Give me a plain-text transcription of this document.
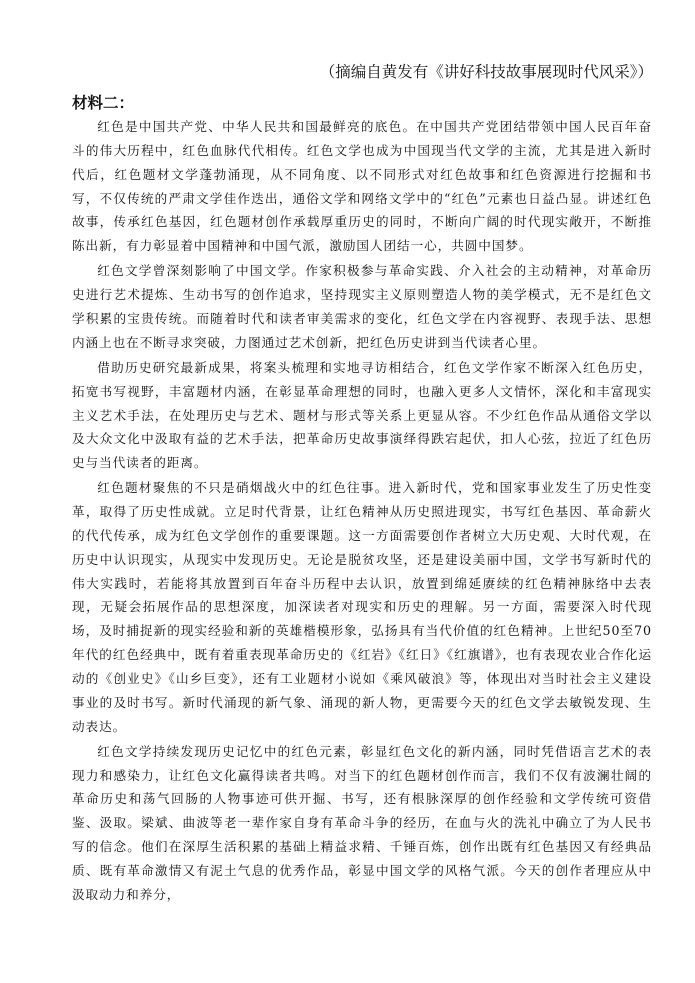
（摘编自黄发有《讲好科技故事展现时代风采》）
材料二：

红色是中国共产党、中华人民共和国最鲜亮的底色。在中国共产党团结带领中国人民百年奋斗的伟大历程中，红色血脉代代相传。红色文学也成为中国现当代文学的主流，尤其是进入新时代后，红色题材文学蓬勃涌现，从不同角度、以不同形式对红色故事和红色资源进行挖掘和书写，不仅传统的严肃文学佳作迭出，通俗文学和网络文学中的“红色”元素也日益凸显。讲述红色故事，传承红色基因，红色题材创作承载厚重历史的同时，不断向广阔的时代现实敞开，不断推陈出新，有力彰显着中国精神和中国气派，激励国人团结一心，共圆中国梦。

红色文学曾深刻影响了中国文学。作家积极参与革命实践、介入社会的主动精神，对革命历史进行艺术提炼、生动书写的创作追求，坚持现实主义原则塑造人物的美学模式，无不是红色文学积累的宝贵传统。而随着时代和读者审美需求的变化，红色文学在内容视野、表现手法、思想内涵上也在不断寻求突破，力图通过艺术创新，把红色历史讲到当代读者心里。

借助历史研究最新成果，将案头梳理和实地寻访相结合，红色文学作家不断深入红色历史，拓宽书写视野，丰富题材内涵，在彰显革命理想的同时，也融入更多人文情怀，深化和丰富现实主义艺术手法，在处理历史与艺术、题材与形式等关系上更显从容。不少红色作品从通俗文学以及大众文化中汲取有益的艺术手法，把革命历史故事演绎得跌宕起伏，扣人心弦，拉近了红色历史与当代读者的距离。

红色题材聚焦的不只是硝烟战火中的红色往事。进入新时代，党和国家事业发生了历史性变革，取得了历史性成就。立足时代背景，让红色精神从历史照进现实，书写红色基因、革命薪火的代代传承，成为红色文学创作的重要课题。这一方面需要创作者树立大历史观、大时代观，在历史中认识现实，从现实中发现历史。无论是脱贫攻坚，还是建设美丽中国，文学书写新时代的伟大实践时，若能将其放置到百年奋斗历程中去认识，放置到绵延赓续的红色精神脉络中去表现，无疑会拓展作品的思想深度，加深读者对现实和历史的理解。另一方面，需要深入时代现场，及时捕捉新的现实经验和新的英雄楷模形象，弘扬具有当代价值的红色精神。上世纪50至70年代的红色经典中，既有着重表现革命历史的《红岩》《红日》《红旗谱》，也有表现农业合作化运动的《创业史》《山乡巨变》，还有工业题材小说如《乘风破浪》等，体现出对当时社会主义建设事业的及时书写。新时代涌现的新气象、涌现的新人物，更需要今天的红色文学去敏锐发现、生动表达。

红色文学持续发现历史记忆中的红色元素，彰显红色文化的新内涵，同时凭借语言艺术的表现力和感染力，让红色文化赢得读者共鸣。对当下的红色题材创作而言，我们不仅有波澜壮阔的革命历史和荡气回肠的人物事迹可供开掘、书写，还有根脉深厚的创作经验和文学传统可资借鉴、汲取。梁斌、曲波等老一辈作家自身有革命斗争的经历，在血与火的洗礼中确立了为人民书写的信念。他们在深厚生活积累的基础上精益求精、千锤百炼，创作出既有红色基因又有经典品质、既有革命激情又有泥土气息的优秀作品，彰显中国文学的风格气派。今天的创作者理应从中汲取动力和养分，
